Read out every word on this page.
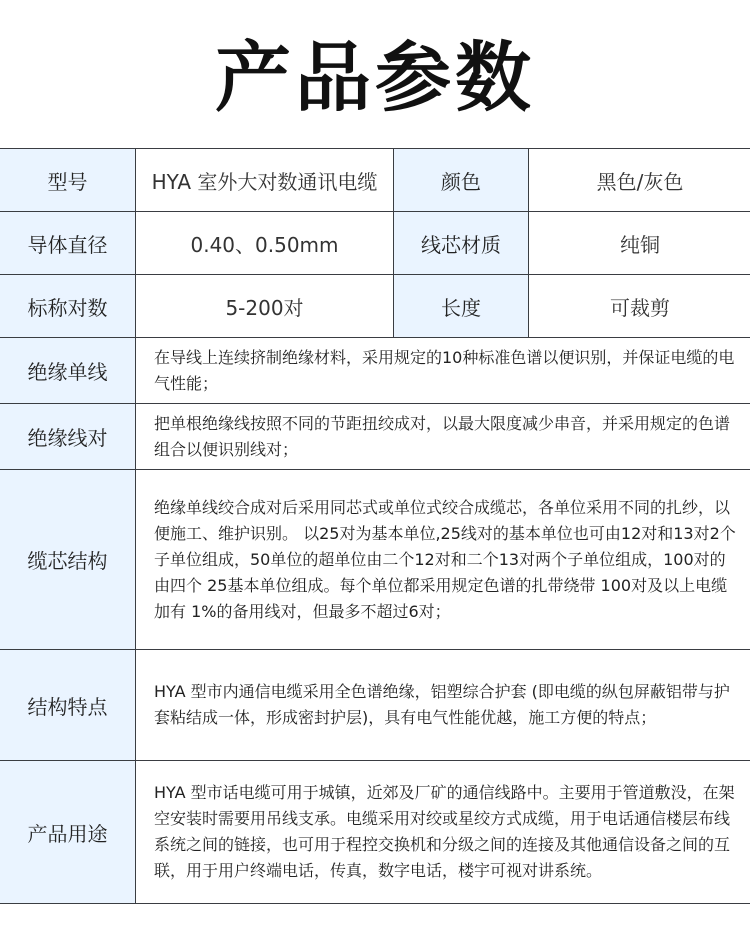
产品参数
型号	HYA 室外大对数通讯电缆	颜色	黑色/灰色
导体直径	0.40、0.50mm	线芯材质	纯铜
标称对数	5-200对	长度	可裁剪
绝缘单线	在导线上连续挤制绝缘材料，采用规定的10种标准色谱以便识别，并保证电缆的电气性能；		
绝缘线对	把单根绝缘线按照不同的节距扭绞成对，以最大限度减少串音，并采用规定的色谱组合以便识别线对；		
缆芯结构	绝缘单线绞合成对后采用同芯式或单位式绞合成缆芯，各单位采用不同的扎纱，以便施工、维护识别。 以25对为基本单位,25线对的基本单位也可由12对和13对2个子单位组成，50单位的超单位由二个12对和二个13对两个子单位组成，100对的由四个 25基本单位组成。每个单位都采用规定色谱的扎带绕带 100对及以上电缆加有 1%的备用线对，但最多不超过6对；		
结构特点	HYA 型市内通信电缆采用全色谱绝缘，铝塑综合护套 (即电缆的纵包屏蔽铝带与护套粘结成一体，形成密封护层)，具有电气性能优越，施工方便的特点；		
产品用途	HYA 型市话电缆可用于城镇，近郊及厂矿的通信线路中。主要用于管道敷没，在架空安装时需要用吊线支承。电缆采用对绞或星绞方式成缆，用于电话通信楼层布线系统之间的链接，也可用于程控交换机和分级之间的连接及其他通信设备之间的互联，用于用户终端电话，传真，数字电话，楼宇可视对讲系统。		
